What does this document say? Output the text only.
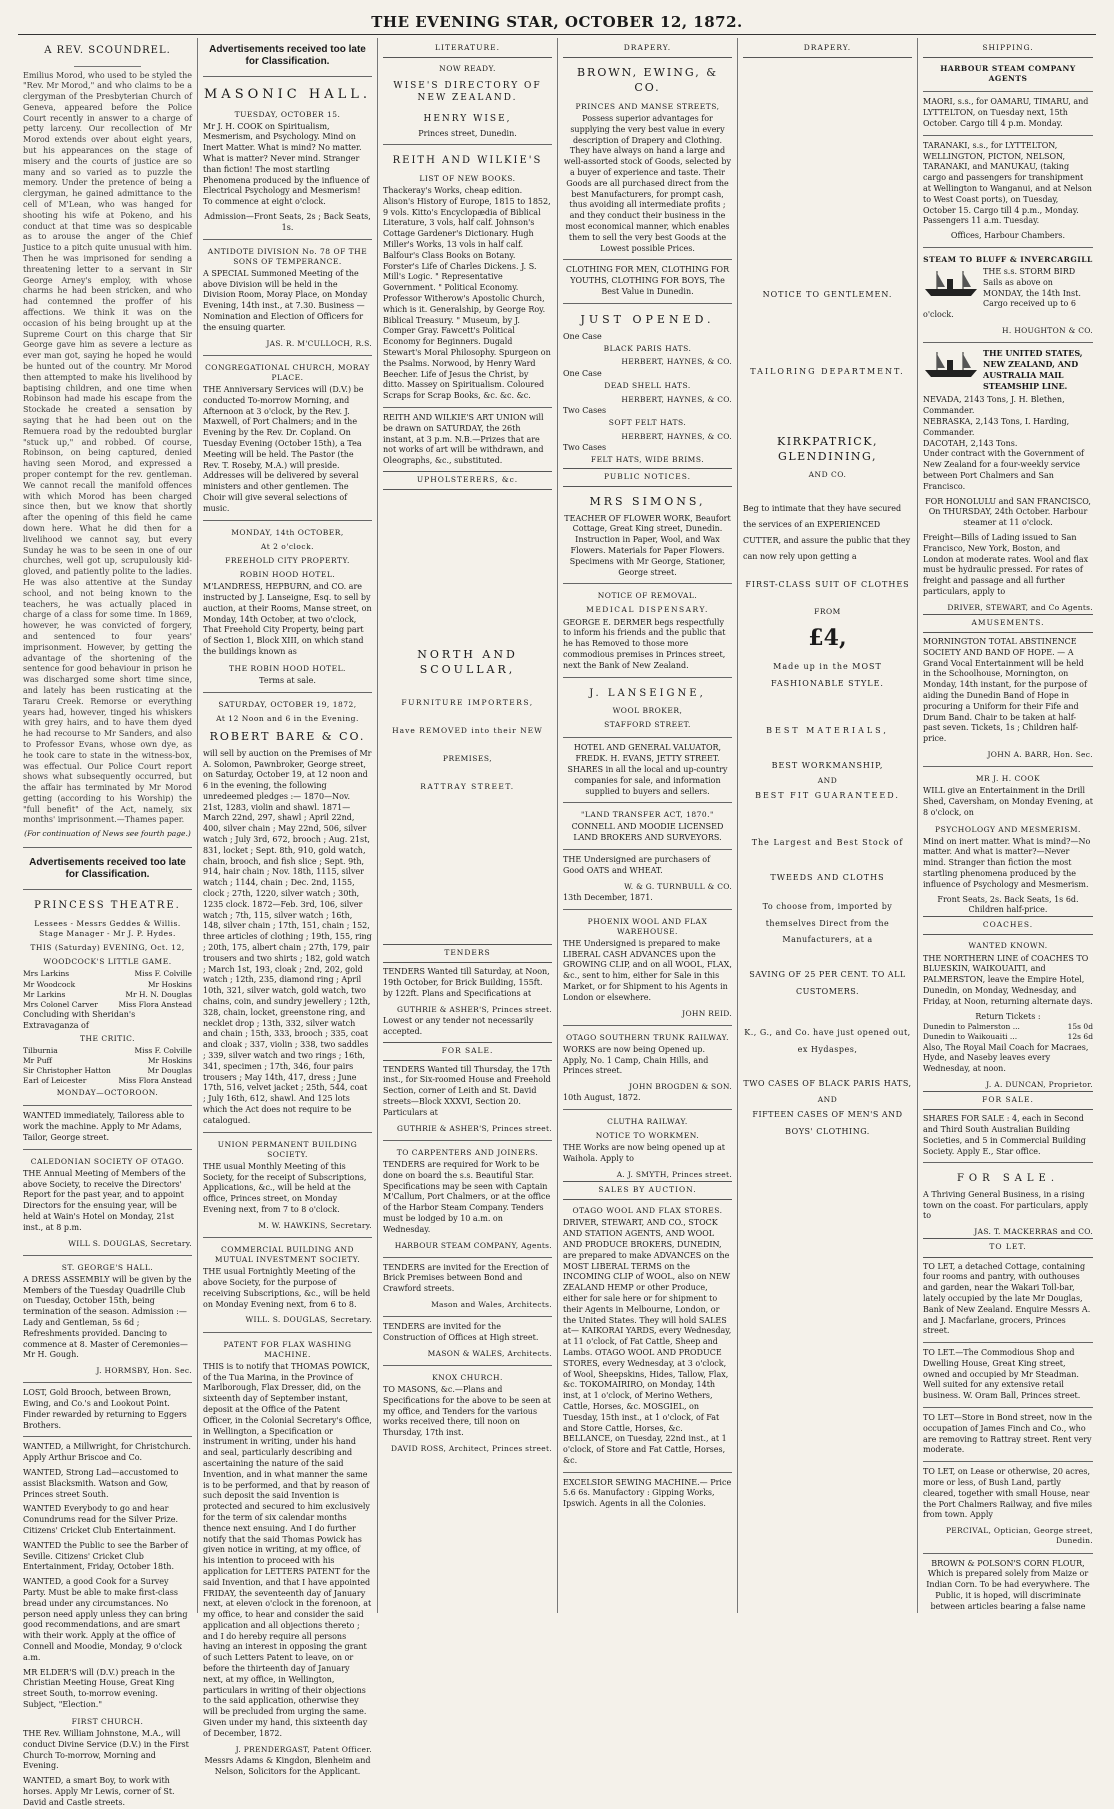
THE EVENING STAR, OCTOBER 12, 1872.
A REV. SCOUNDREL.

Emilius Morod, who used to be styled the "Rev. Mr Morod," and who claims to be a clergyman of the Presbyterian Church of Geneva, appeared before the Police Court recently in answer to a charge of petty larceny. Our recollection of Mr Morod extends over about eight years, but his appearances on the stage of misery and the courts of justice are so many and so varied as to puzzle the memory. Under the pretence of being a clergyman, he gained admittance to the cell of M'Lean, who was hanged for shooting his wife at Pokeno, and his conduct at that time was so despicable as to arouse the anger of the Chief Justice to a pitch quite unusual with him. Then he was imprisoned for sending a threatening letter to a servant in Sir George Arney's employ, with whose charms he had been stricken, and who had contemned the proffer of his affections. We think it was on the occasion of his being brought up at the Supreme Court on this charge that Sir George gave him as severe a lecture as ever man got, saying he hoped he would be hunted out of the country. Mr Morod then attempted to make his livelihood by baptising children, and one time when Robinson had made his escape from the Stockade he created a sensation by saying that he had been out on the Remuera road by the redoubted burglar "stuck up," and robbed. Of course, Robinson, on being captured, denied having seen Morod, and expressed a proper contempt for the rev. gentleman. We cannot recall the manifold offences with which Morod has been charged since then, but we know that shortly after the opening of this field he came down here. What he did then for a livelihood we cannot say, but every Sunday he was to be seen in one of our churches, well got up, scrupulously kid-gloved, and patiently polite to the ladies. He was also attentive at the Sunday school, and not being known to the teachers, he was actually placed in charge of a class for some time. In 1869, however, he was convicted of forgery, and sentenced to four years' imprisonment. However, by getting the advantage of the shortening of the sentence for good behaviour in prison he was discharged some short time since, and lately has been rusticating at the Tararu Creek. Remorse or everything years had, however, tinged his whiskers with grey hairs, and to have them dyed he had recourse to Mr Sanders, and also to Professor Evans, whose own dye, as he took care to state in the witness-box, was effectual. Our Police Court report shows what subsequently occurred, but the affair has terminated by Mr Morod getting (according to his Worship) the "full benefit" of the Act, namely, six months' imprisonment.—Thames paper.

(For continuation of News see fourth page.)

Advertisements received too late for Classification.
PRINCESS THEATRE.
Lessees - Messrs Geddes & Willis. Stage Manager - Mr J. P. Hydes.
THIS (Saturday) EVENING, Oct. 12,
WOODCOCK'S LITTLE GAME.
Mrs Larkins	Miss F. Colville
Mr Woodcock	Mr Hoskins
Mr Larkins	Mr H. N. Douglas
Mrs Colonel Carver	Miss Flora Anstead
Concluding with Sheridan's Extravaganza of
THE CRITIC.
Tilburnia	Miss F. Colville
Mr Puff	Mr Hoskins
Sir Christopher Hatton	Mr Douglas
Earl of Leicester	Miss Flora Anstead
MONDAY—OCTOROON.

WANTED immediately, Tailoress able to work the machine. Apply to Mr Adams, Tailor, George street.

CALEDONIAN SOCIETY OF OTAGO.

THE Annual Meeting of Members of the above Society, to receive the Directors' Report for the past year, and to appoint Directors for the ensuing year, will be held at Wain's Hotel on Monday, 21st inst., at 8 p.m.

WILL S. DOUGLAS, Secretary.
ST. GEORGE'S HALL.

A DRESS ASSEMBLY will be given by the Members of the Tuesday Quadrille Club on Tuesday, October 15th, being termination of the season. Admission :—Lady and Gentleman, 5s 6d ; Refreshments provided. Dancing to commence at 8. Master of Ceremonies—Mr H. Gough.

J. HORMSBY, Hon. Sec.

LOST, Gold Brooch, between Brown, Ewing, and Co.'s and Lookout Point. Finder rewarded by returning to Eggers Brothers.

WANTED, a Millwright, for Christchurch. Apply Arthur Briscoe and Co.

WANTED, Strong Lad—accustomed to assist Blacksmith. Watson and Gow, Princes street South.

WANTED Everybody to go and hear Conundrums read for the Silver Prize. Citizens' Cricket Club Entertainment.

WANTED the Public to see the Barber of Seville. Citizens' Cricket Club Entertainment, Friday, October 18th.

WANTED, a good Cook for a Survey Party. Must be able to make first-class bread under any circumstances. No person need apply unless they can bring good recommendations, and are smart with their work. Apply at the office of Connell and Moodie, Monday, 9 o'clock a.m.

MR ELDER'S will (D.V.) preach in the Christian Meeting House, Great King street South, to-morrow evening. Subject, "Election."

FIRST CHURCH.

THE Rev. William Johnstone, M.A., will conduct Divine Service (D.V.) in the First Church To-morrow, Morning and Evening.

WANTED, a smart Boy, to work with horses. Apply Mr Lewis, corner of St. David and Castle streets.

Advertisements received too late for Classification.
MASONIC HALL.
TUESDAY, OCTOBER 15.

Mr J. H. COOK on Spiritualism, Mesmerism, and Psychology. Mind on Inert Matter. What is mind? No matter. What is matter? Never mind. Stranger than fiction! The most startling Phenomena produced by the influence of Electrical Psychology and Mesmerism! To commence at eight o'clock.

Admission—Front Seats, 2s ; Back Seats, 1s.
ANTIDOTE DIVISION No. 78 OF THE SONS OF TEMPERANCE.

A SPECIAL Summoned Meeting of the above Division will be held in the Division Room, Moray Place, on Monday Evening, 14th inst., at 7.30. Business — Nomination and Election of Officers for the ensuing quarter.

JAS. R. M'CULLOCH, R.S.
CONGREGATIONAL CHURCH, MORAY PLACE.

THE Anniversary Services will (D.V.) be conducted To-morrow Morning, and Afternoon at 3 o'clock, by the Rev. J. Maxwell, of Port Chalmers; and in the Evening by the Rev. Dr. Copland. On Tuesday Evening (October 15th), a Tea Meeting will be held. The Pastor (the Rev. T. Roseby, M.A.) will preside. Addresses will be delivered by several ministers and other gentlemen. The Choir will give several selections of music.

MONDAY, 14th OCTOBER,
At 2 o'clock.
FREEHOLD CITY PROPERTY.
ROBIN HOOD HOTEL.

M'LANDRESS, HEPBURN, and CO. are instructed by J. Lanseigne, Esq. to sell by auction, at their Rooms, Manse street, on Monday, 14th October, at two o'clock, That Freehold City Property, being part of Section 1, Block XIII, on which stand the buildings known as

THE ROBIN HOOD HOTEL.
Terms at sale.
SATURDAY, OCTOBER 19, 1872,
At 12 Noon and 6 in the Evening.
ROBERT BARE & CO.

will sell by auction on the Premises of Mr A. Solomon, Pawnbroker, George street, on Saturday, October 19, at 12 noon and 6 in the evening, the following unredeemed pledges :— 1870—Nov. 21st, 1283, violin and shawl. 1871—March 22nd, 297, shawl ; April 22nd, 400, silver chain ; May 22nd, 506, silver watch ; July 3rd, 672, brooch ; Aug. 21st, 831, locket ; Sept. 8th, 910, gold watch, chain, brooch, and fish slice ; Sept. 9th, 914, hair chain ; Nov. 18th, 1115, silver watch ; 1144, chain ; Dec. 2nd, 1155, clock ; 27th, 1220, silver watch ; 30th, 1235 clock. 1872—Feb. 3rd, 106, silver watch ; 7th, 115, silver watch ; 16th, 148, silver chain ; 17th, 151, chain ; 152, three articles of clothing ; 19th, 155, ring ; 20th, 175, albert chain ; 27th, 179, pair trousers and two shirts ; 182, gold watch ; March 1st, 193, cloak ; 2nd, 202, gold watch ; 12th, 235, diamond ring ; April 10th, 321, silver watch, gold watch, two chains, coin, and sundry jewellery ; 12th, 328, chain, locket, greenstone ring, and necklet drop ; 13th, 332, silver watch and chain ; 15th, 333, brooch ; 335, coat and cloak ; 337, violin ; 338, two saddles ; 339, silver watch and two rings ; 16th, 341, specimen ; 17th, 346, four pairs trousers ; May 14th, 417, dress ; June 17th, 516, velvet jacket ; 25th, 544, coat ; July 16th, 612, shawl. And 125 lots which the Act does not require to be catalogued.

UNION PERMANENT BUILDING SOCIETY.

THE usual Monthly Meeting of this Society, for the receipt of Subscriptions, Applications, &c., will be held at the office, Princes street, on Monday Evening next, from 7 to 8 o'clock.

M. W. HAWKINS, Secretary.
COMMERCIAL BUILDING AND MUTUAL INVESTMENT SOCIETY.

THE usual Fortnightly Meeting of the above Society, for the purpose of receiving Subscriptions, &c., will be held on Monday Evening next, from 6 to 8.

WILL. S. DOUGLAS, Secretary.
PATENT FOR FLAX WASHING MACHINE.

THIS is to notify that THOMAS POWICK, of the Tua Marina, in the Province of Marlborough, Flax Dresser, did, on the sixteenth day of September instant, deposit at the Office of the Patent Officer, in the Colonial Secretary's Office, in Wellington, a Specification or instrument in writing, under his hand and seal, particularly describing and ascertaining the nature of the said Invention, and in what manner the same is to be performed, and that by reason of such deposit the said Invention is protected and secured to him exclusively for the term of six calendar months thence next ensuing. And I do further notify that the said Thomas Powick has given notice in writing, at my office, of his intention to proceed with his application for LETTERS PATENT for the said Invention, and that I have appointed FRIDAY, the seventeenth day of January next, at eleven o'clock in the forenoon, at my office, to hear and consider the said application and all objections thereto ; and I do hereby require all persons having an interest in opposing the grant of such Letters Patent to leave, on or before the thirteenth day of January next, at my office, in Wellington, particulars in writing of their objections to the said application, otherwise they will be precluded from urging the same. Given under my hand, this sixteenth day of December, 1872.

J. PRENDERGAST, Patent Officer.
Messrs Adams & Kingdon, Blenheim and Nelson, Solicitors for the Applicant.
LITERATURE.
NOW READY.
WISE'S DIRECTORY OF NEW ZEALAND.
HENRY WISE,
Princes street, Dunedin.
REITH AND WILKIE'S
LIST OF NEW BOOKS.

Thackeray's Works, cheap edition. Alison's History of Europe, 1815 to 1852, 9 vols. Kitto's Encyclopædia of Biblical Literature, 3 vols, half calf. Johnson's Cottage Gardener's Dictionary. Hugh Miller's Works, 13 vols in half calf. Balfour's Class Books on Botany. Forster's Life of Charles Dickens. J. S. Mill's Logic. " Representative Government. " Political Economy. Professor Witherow's Apostolic Church, which is it. Generalship, by George Roy. Biblical Treasury. " Museum, by J. Comper Gray. Fawcett's Political Economy for Beginners. Dugald Stewart's Moral Philosophy. Spurgeon on the Psalms. Norwood, by Henry Ward Beecher. Life of Jesus the Christ, by ditto. Massey on Spiritualism. Coloured Scraps for Scrap Books, &c. &c. &c.

REITH AND WILKIE'S ART UNION will be drawn on SATURDAY, the 26th instant, at 3 p.m. N.B.—Prizes that are not works of art will be withdrawn, and Oleographs, &c., substituted.

UPHOLSTERERS, &c.
NORTH AND SCOULLAR,
FURNITURE IMPORTERS,
Have REMOVED into their NEW
PREMISES,
RATTRAY STREET.
TENDERS

TENDERS Wanted till Saturday, at Noon, 19th October, for Brick Building, 155ft. by 122ft. Plans and Specifications at

GUTHRIE & ASHER'S, Princes street.

Lowest or any tender not necessarily accepted.

FOR SALE.

TENDERS Wanted till Thursday, the 17th inst., for Six-roomed House and Freehold Section, corner of Leith and St. David streets—Block XXXVI, Section 20. Particulars at

GUTHRIE & ASHER'S, Princes street.
TO CARPENTERS AND JOINERS.

TENDERS are required for Work to be done on board the s.s. Beautiful Star. Specifications may be seen with Captain M'Callum, Port Chalmers, or at the office of the Harbor Steam Company. Tenders must be lodged by 10 a.m. on Wednesday.

HARBOUR STEAM COMPANY, Agents.

TENDERS are invited for the Erection of Brick Premises between Bond and Crawford streets.

Mason and Wales, Architects.

TENDERS are invited for the Construction of Offices at High street.

MASON & WALES, Architects.
KNOX CHURCH.

TO MASONS, &c.—Plans and Specifications for the above to be seen at my office, and Tenders for the various works received there, till noon on Thursday, 17th inst.

DAVID ROSS, Architect, Princes street.
DRAPERY.
BROWN, EWING, & CO.
PRINCES AND MANSE STREETS,

Possess superior advantages for supplying the very best value in every description of Drapery and Clothing. They have always on hand a large and well-assorted stock of Goods, selected by a buyer of experience and taste. Their Goods are all purchased direct from the best Manufacturers, for prompt cash, thus avoiding all intermediate profits ; and they conduct their business in the most economical manner, which enables them to sell the very best Goods at the Lowest possible Prices.

CLOTHING FOR MEN, CLOTHING FOR YOUTHS, CLOTHING FOR BOYS, The Best Value in Dunedin.

JUST OPENED.
One Case
BLACK PARIS HATS.
HERBERT, HAYNES, & CO.
One Case
DEAD SHELL HATS.
HERBERT, HAYNES, & CO.
Two Cases
SOFT FELT HATS.
HERBERT, HAYNES, & CO.
Two Cases
FELT HATS, WIDE BRIMS.
PUBLIC NOTICES.
MRS SIMONS,

TEACHER OF FLOWER WORK, Beaufort Cottage, Great King street, Dunedin. Instruction in Paper, Wool, and Wax Flowers. Materials for Paper Flowers. Specimens with Mr George, Stationer, George street.

NOTICE OF REMOVAL.
MEDICAL DISPENSARY.

GEORGE E. DERMER begs respectfully to inform his friends and the public that he has Removed to those more commodious premises in Princes street, next the Bank of New Zealand.

J. LANSEIGNE,
WOOL BROKER,
STAFFORD STREET.

HOTEL AND GENERAL VALUATOR, FREDK. H. EVANS, JETTY STREET. SHARES in all the local and up-country companies for sale, and information supplied to buyers and sellers.

"LAND TRANSFER ACT, 1870."

CONNELL AND MOODIE LICENSED LAND BROKERS AND SURVEYORS.

THE Undersigned are purchasers of Good OATS and WHEAT.

W. & G. TURNBULL & CO.
13th December, 1871.
PHOENIX WOOL AND FLAX WAREHOUSE.

THE Undersigned is prepared to make LIBERAL CASH ADVANCES upon the GROWING CLIP, and on all WOOL, FLAX, &c., sent to him, either for Sale in this Market, or for Shipment to his Agents in London or elsewhere.

JOHN REID.
OTAGO SOUTHERN TRUNK RAILWAY.

WORKS are now being Opened up. Apply, No. 1 Camp, Chain Hills, and Princes street.

JOHN BROGDEN & SON.
10th August, 1872.
CLUTHA RAILWAY.
NOTICE TO WORKMEN.

THE Works are now being opened up at Waihola. Apply to

A. J. SMYTH, Princes street.
SALES BY AUCTION.
OTAGO WOOL AND FLAX STORES.

DRIVER, STEWART, AND CO., STOCK AND STATION AGENTS, AND WOOL AND PRODUCE BROKERS, DUNEDIN, are prepared to make ADVANCES on the MOST LIBERAL TERMS on the INCOMING CLIP of WOOL, also on NEW ZEALAND HEMP or other Produce, either for sale here or for shipment to their Agents in Melbourne, London, or the United States. They will hold SALES at— KAIKORAI YARDS, every Wednesday, at 11 o'clock, of Fat Cattle, Sheep and Lambs. OTAGO WOOL AND PRODUCE STORES, every Wednesday, at 3 o'clock, of Wool, Sheepskins, Hides, Tallow, Flax, &c. TOKOMAIRIRO, on Monday, 14th inst, at 1 o'clock, of Merino Wethers, Cattle, Horses, &c. MOSGIEL, on Tuesday, 15th inst., at 1 o'clock, of Fat and Store Cattle, Horses, &c. BELLANCE, on Tuesday, 22nd inst., at 1 o'clock, of Store and Fat Cattle, Horses, &c.

EXCELSIOR SEWING MACHINE.— Price 5.6 6s. Manufactory : Gipping Works, Ipswich. Agents in all the Colonies.

DRAPERY.
NOTICE TO GENTLEMEN.
TAILORING DEPARTMENT.
KIRKPATRICK, GLENDINING,
AND CO.

Beg to intimate that they have secured the services of an EXPERIENCED CUTTER, and assure the public that they can now rely upon getting a

FIRST-CLASS SUIT OF CLOTHES
FROM
£4,
Made up in the MOST FASHIONABLE STYLE.
BEST MATERIALS,
BEST WORKMANSHIP,
AND
BEST FIT GUARANTEED.
The Largest and Best Stock of
TWEEDS AND CLOTHS
To choose from, imported by themselves Direct from the Manufacturers, at a
SAVING OF 25 PER CENT. TO ALL CUSTOMERS.
K., G., and Co. have just opened out, ex Hydaspes,
TWO CASES OF BLACK PARIS HATS,
AND
FIFTEEN CASES OF MEN'S AND BOYS' CLOTHING.
SHIPPING.
HARBOUR STEAM COMPANY AGENTS

MAORI, s.s., for OAMARU, TIMARU, and LYTTELTON, on Tuesday next, 15th October. Cargo till 4 p.m. Monday.

TARANAKI, s.s., for LYTTELTON, WELLINGTON, PICTON, NELSON, TARANAKI, and MANUKAU, (taking cargo and passengers for transhipment at Wellington to Wanganui, and at Nelson to West Coast ports), on Tuesday, October 15. Cargo till 4 p.m., Monday. Passengers 11 a.m. Tuesday.

Offices, Harbour Chambers.
STEAM TO BLUFF & INVERCARGILL

THE s.s. STORM BIRD Sails as above on MONDAY, the 14th Inst. Cargo received up to 6 o'clock.

H. HOUGHTON & CO.

THE UNITED STATES, NEW ZEALAND, AND AUSTRALIA MAIL STEAMSHIP LINE.

NEVADA, 2143 Tons, J. H. Blethen, Commander.
NEBRASKA, 2,143 Tons, I. Harding, Commander.
DACOTAH, 2,143 Tons.

Under contract with the Government of New Zealand for a four-weekly service between Port Chalmers and San Francisco.

FOR HONOLULU and SAN FRANCISCO, On THURSDAY, 24th October. Harbour steamer at 11 o'clock.

Freight—Bills of Lading issued to San Francisco, New York, Boston, and London at moderate rates. Wool and flax must be hydraulic pressed. For rates of freight and passage and all further particulars, apply to

DRIVER, STEWART, and Co Agents.
AMUSEMENTS.

MORNINGTON TOTAL ABSTINENCE SOCIETY AND BAND OF HOPE. — A Grand Vocal Entertainment will be held in the Schoolhouse, Mornington, on Monday, 14th instant, for the purpose of aiding the Dunedin Band of Hope in procuring a Uniform for their Fife and Drum Band. Chair to be taken at half-past seven. Tickets, 1s ; Children half-price.

JOHN A. BARR, Hon. Sec.
MR J. H. COOK

WILL give an Entertainment in the Drill Shed, Caversham, on Monday Evening, at 8 o'clock, on

PSYCHOLOGY AND MESMERISM.

Mind on inert matter. What is mind?—No matter. And what is matter?—Never mind. Stranger than fiction the most startling phenomena produced by the influence of Psychology and Mesmerism.

Front Seats, 2s. Back Seats, 1s 6d. Children half-price.
COACHES.
WANTED KNOWN.

THE NORTHERN LINE of COACHES TO BLUESKIN, WAIKOUAITI, and PALMERSTON, leave the Empire Hotel, Dunedin, on Monday, Wednesday, and Friday, at Noon, returning alternate days.

Return Tickets :
Dunedin to Palmerston ...	15s 0d
Dunedin to Waikouaiti ...	12s 6d

Also, The Royal Mail Coach for Macraes, Hyde, and Naseby leaves every Wednesday, at noon.

J. A. DUNCAN, Proprietor.
FOR SALE.

SHARES FOR SALE : 4, each in Second and Third South Australian Building Societies, and 5 in Commercial Building Society. Apply E., Star office.

FOR SALE.

A Thriving General Business, in a rising town on the coast. For particulars, apply to

JAS. T. MACKERRAS and CO.
TO LET.

TO LET, a detached Cottage, containing four rooms and pantry, with outhouses and garden, near the Wakari Toll-bar, lately occupied by the late Mr Douglas, Bank of New Zealand. Enquire Messrs A. and J. Macfarlane, grocers, Princes street.

TO LET.—The Commodious Shop and Dwelling House, Great King street, owned and occupied by Mr Steadman. Well suited for any extensive retail business. W. Oram Ball, Princes street.

TO LET—Store in Bond street, now in the occupation of James Finch and Co., who are removing to Rattray street. Rent very moderate.

TO LET, on Lease or otherwise, 20 acres, more or less, of Bush Land, partly cleared, together with small House, near the Port Chalmers Railway, and five miles from town. Apply

PERCIVAL, Optician, George street, Dunedin.

BROWN & POLSON'S CORN FLOUR, Which is prepared solely from Maize or Indian Corn. To be had everywhere. The Public, it is hoped, will discriminate between articles bearing a false name
